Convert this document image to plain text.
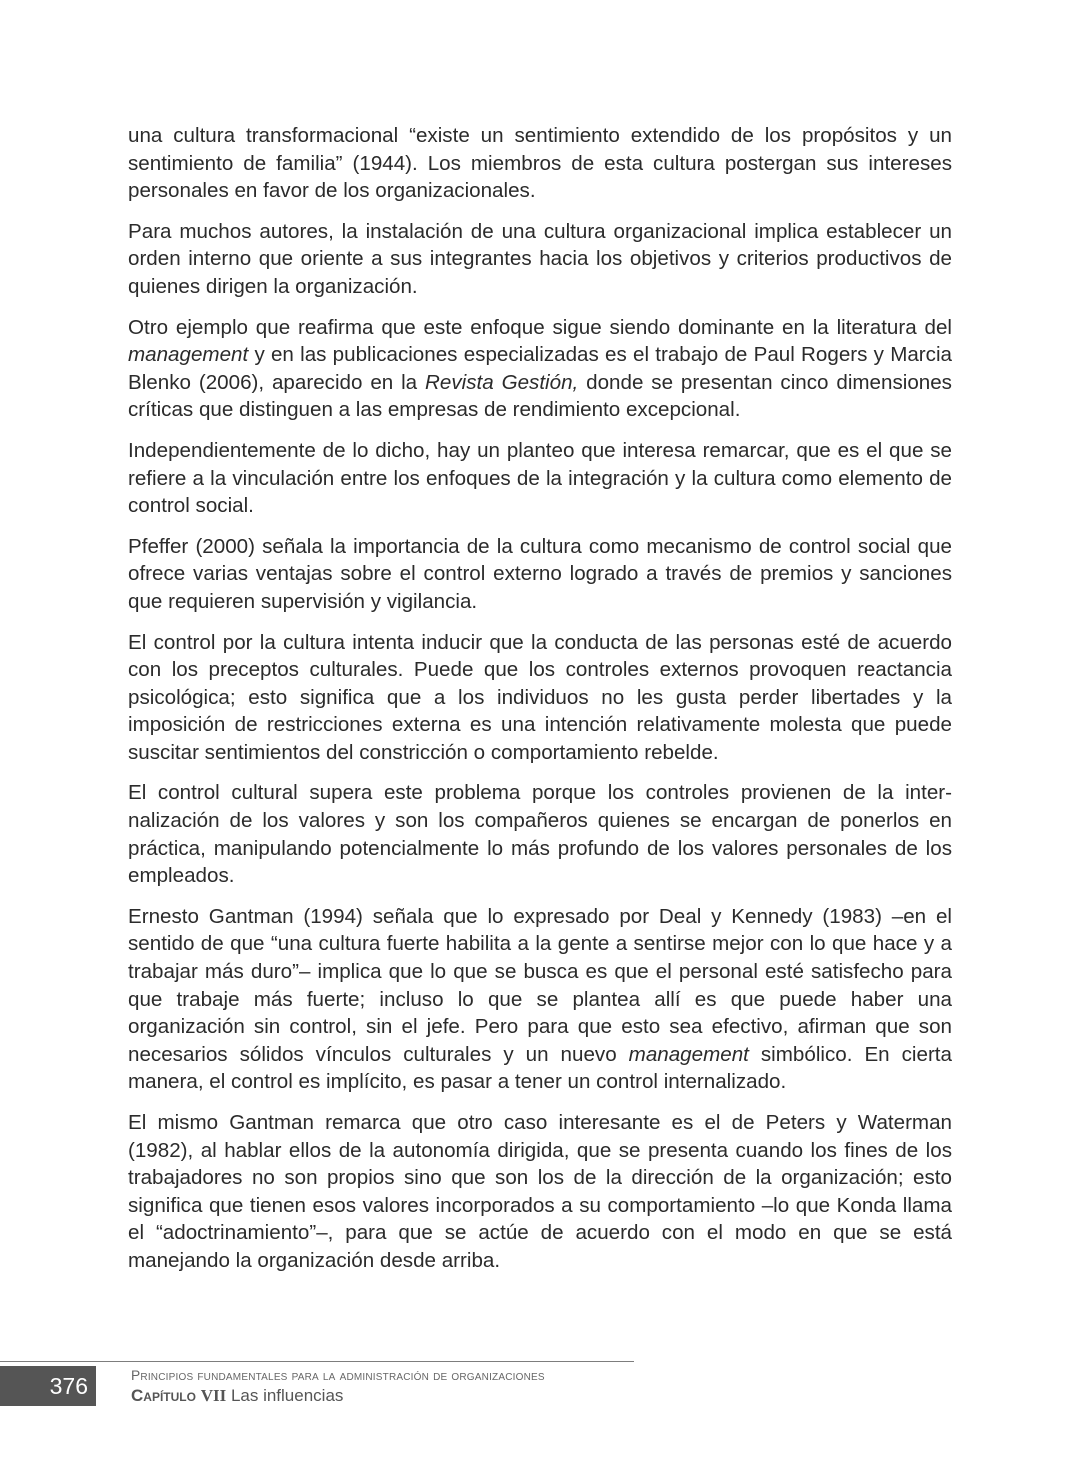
una cultura transformacional “existe un sentimiento extendido de los propósitos y un sentimiento de familia” (1944). Los miembros de esta cultura postergan sus intereses personales en favor de los organizacionales.

Para muchos autores, la instalación de una cultura organizacional implica establecer un orden interno que oriente a sus integrantes hacia los objetivos y criterios productivos de quienes dirigen la organización.

Otro ejemplo que reafirma que este enfoque sigue siendo dominante en la literatura del management y en las publicaciones especializadas es el trabajo de Paul Rogers y Marcia Blenko (2006), aparecido en la Revista Gestión, donde se presentan cinco dimensiones críticas que distinguen a las empresas de rendimiento excepcional.

Independientemente de lo dicho, hay un planteo que interesa remarcar, que es el que se refiere a la vinculación entre los enfoques de la integración y la cultura como elemento de control social.

Pfeffer (2000) señala la importancia de la cultura como mecanismo de control social que ofrece varias ventajas sobre el control externo logrado a través de premios y sanciones que requieren supervisión y vigilancia.

El control por la cultura intenta inducir que la conducta de las personas esté de acuerdo con los preceptos culturales. Puede que los controles externos provoquen reactancia psicológica; esto significa que a los individuos no les gusta perder libertades y la imposición de restricciones externa es una intención relativamente molesta que puede suscitar sentimientos del constricción o comportamiento rebelde.

El control cultural supera este problema porque los controles provienen de la internalización de los valores y son los compañeros quienes se encargan de ponerlos en práctica, manipulando potencialmente lo más profundo de los valores personales de los empleados.

Ernesto Gantman (1994) señala que lo expresado por Deal y Kennedy (1983) –en el sentido de que “una cultura fuerte habilita a la gente a sentirse mejor con lo que hace y a trabajar más duro”– implica que lo que se busca es que el personal esté satisfecho para que trabaje más fuerte; incluso lo que se plantea allí es que puede haber una organización sin control, sin el jefe. Pero para que esto sea efectivo, afirman que son necesarios sólidos vínculos culturales y un nuevo management simbólico. En cierta manera, el control es implícito, es pasar a tener un control internalizado.

El mismo Gantman remarca que otro caso interesante es el de Peters y Waterman (1982), al hablar ellos de la autonomía dirigida, que se presenta cuando los fines de los trabajadores no son propios sino que son los de la dirección de la organización; esto significa que tienen esos valores incorporados a su comportamiento –lo que Konda llama el “adoctrinamiento”–, para que se actúe de acuerdo con el modo en que se está manejando la organización desde arriba.

376	Principios fundamentales para la administración de organizaciones
Capítulo VII Las influencias
